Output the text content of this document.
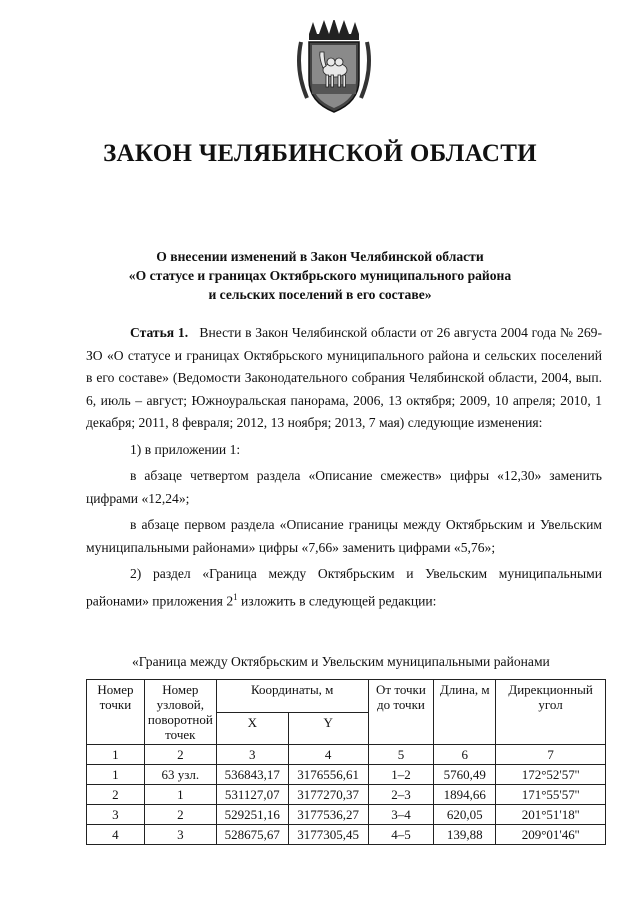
ЗАКОН ЧЕЛЯБИНСКОЙ ОБЛАСТИ
О внесении изменений в Закон Челябинской области
«О статусе и границах Октябрьского муниципального района
и сельских поселений в его составе»

Статья 1. Внести в Закон Челябинской области от 26 августа 2004 года № 269-ЗО «О статусе и границах Октябрьского муниципального района и сельских поселений в его составе» (Ведомости Законодательного собрания Челябинской области, 2004, вып. 6, июль – август; Южноуральская панорама, 2006, 13 октября; 2009, 10 апреля; 2010, 1 декабря; 2011, 8 февраля; 2012, 13 ноября; 2013, 7 мая) следующие изменения:

1) в приложении 1:

в абзаце четвертом раздела «Описание смежеств» цифры «12,30» заменить цифрами «12,24»;

в абзаце первом раздела «Описание границы между Октябрьским и Увельским муниципальными районами» цифры «7,66» заменить цифрами «5,76»;

2) раздел «Граница между Октябрьским и Увельским муниципальными районами» приложения $2^1$ изложить в следующей редакции:

«Граница между Октябрьским и Увельским муниципальными районами
Номер точки	Номер узловой, поворотной точек	Координаты, м		От точки до точки	Длина, м	Дирекционный угол
		X	Y			
1	2	3	4	5	6	7
1	63 узл.	536843,17	3176556,61	1–2	5760,49	172°52'57''
2	1	531127,07	3177270,37	2–3	1894,66	171°55'57''
3	2	529251,16	3177536,27	3–4	620,05	201°51'18''
4	3	528675,67	3177305,45	4–5	139,88	209°01'46''
